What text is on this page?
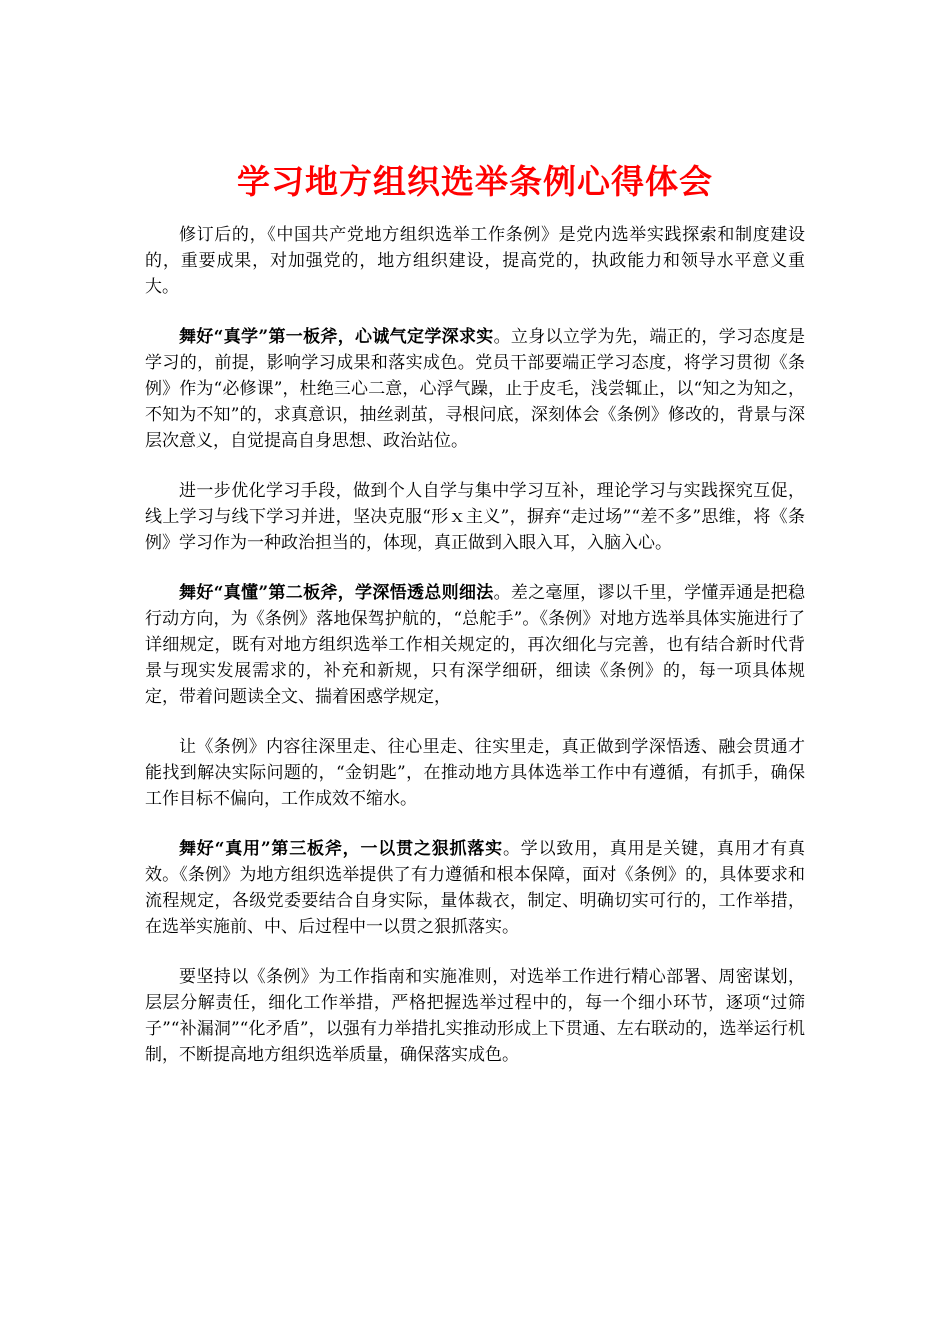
学习地方组织选举条例心得体会

修订后的，《中国共产党地方组织选举工作条例》是党内选举实践探索和制度建设的，重要成果，对加强党的，地方组织建设，提高党的，执政能力和领导水平意义重大。

舞好“真学”第一板斧，心诚气定学深求实。立身以立学为先，端正的，学习态度是学习的，前提，影响学习成果和落实成色。党员干部要端正学习态度，将学习贯彻《条例》作为“必修课”，杜绝三心二意，心浮气躁，止于皮毛，浅尝辄止，以“知之为知之，不知为不知”的，求真意识，抽丝剥茧，寻根问底，深刻体会《条例》修改的，背景与深层次意义，自觉提高自身思想、政治站位。

进一步优化学习手段，做到个人自学与集中学习互补，理论学习与实践探究互促，线上学习与线下学习并进，坚决克服“形ｘ主义”，摒弃“走过场”“差不多”思维，将《条例》学习作为一种政治担当的，体现，真正做到入眼入耳，入脑入心。

舞好“真懂”第二板斧，学深悟透总则细法。差之毫厘，谬以千里，学懂弄通是把稳行动方向，为《条例》落地保驾护航的，“总舵手”。《条例》对地方选举具体实施进行了详细规定，既有对地方组织选举工作相关规定的，再次细化与完善，也有结合新时代背景与现实发展需求的，补充和新规，只有深学细研，细读《条例》的，每一项具体规定，带着问题读全文、揣着困惑学规定，

让《条例》内容往深里走、往心里走、往实里走，真正做到学深悟透、融会贯通才能找到解决实际问题的，“金钥匙”，在推动地方具体选举工作中有遵循，有抓手，确保工作目标不偏向，工作成效不缩水。

舞好“真用”第三板斧，一以贯之狠抓落实。学以致用，真用是关键，真用才有真效。《条例》为地方组织选举提供了有力遵循和根本保障，面对《条例》的，具体要求和流程规定，各级党委要结合自身实际，量体裁衣，制定、明确切实可行的，工作举措，在选举实施前、中、后过程中一以贯之狠抓落实。

要坚持以《条例》为工作指南和实施准则，对选举工作进行精心部署、周密谋划，层层分解责任，细化工作举措，严格把握选举过程中的，每一个细小环节，逐项“过筛子”“补漏洞”“化矛盾”，以强有力举措扎实推动形成上下贯通、左右联动的，选举运行机制，不断提高地方组织选举质量，确保落实成色。
